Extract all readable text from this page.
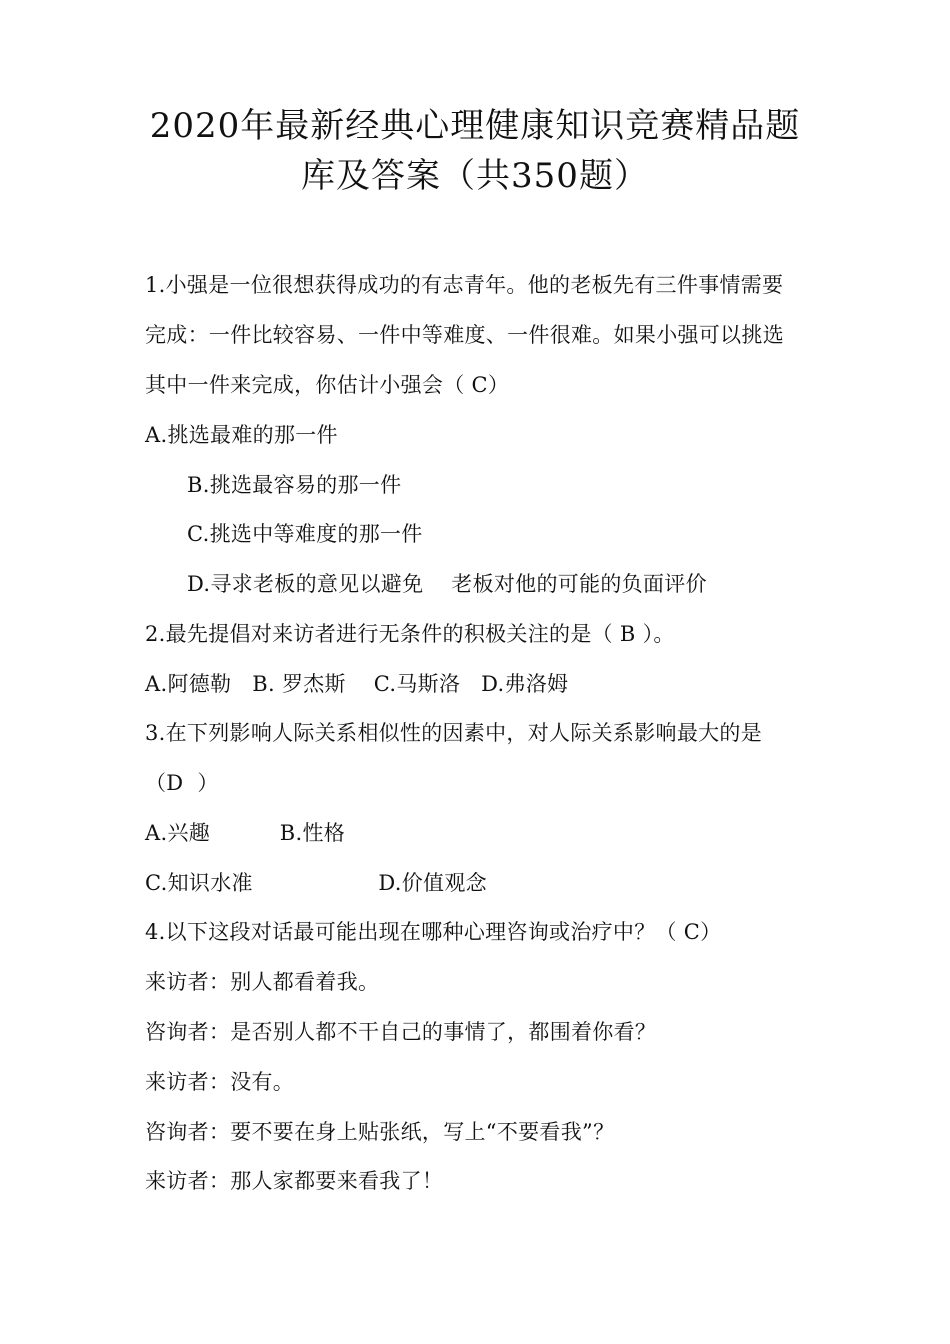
2020年最新经典心理健康知识竞赛精品题
库及答案（共350题）
1.小强是一位很想获得成功的有志青年。他的老板先有三件事情需要
完成：一件比较容易、一件中等难度、一件很难。如果小强可以挑选
其中一件来完成，你估计小强会（ C）
A.挑选最难的那一件
B.挑选最容易的那一件
C.挑选中等难度的那一件
D.寻求老板的意见以避免    老板对他的可能的负面评价
2.最先提倡对来访者进行无条件的积极关注的是（ B ）。
A.阿德勒   B. 罗杰斯    C.马斯洛   D.弗洛姆
3.在下列影响人际关系相似性的因素中，对人际关系影响最大的是
（D  ）
A.兴趣          B.性格
C.知识水准                  D.价值观念
4.以下这段对话最可能出现在哪种心理咨询或治疗中？（ C）
来访者：别人都看着我。
咨询者：是否别人都不干自己的事情了，都围着你看？
来访者：没有。
咨询者：要不要在身上贴张纸，写上“不要看我”？
来访者：那人家都要来看我了！
